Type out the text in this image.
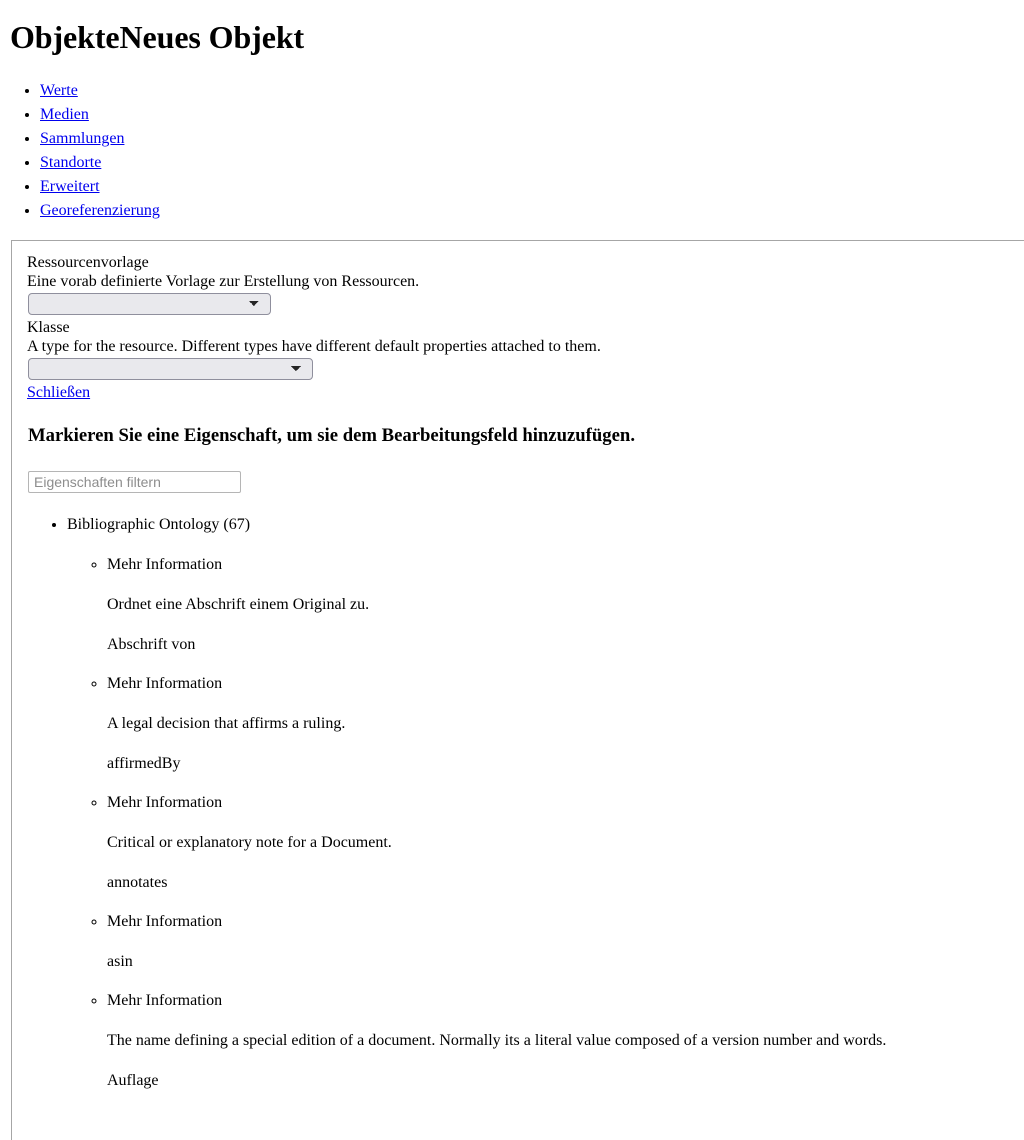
ObjekteNeues Objekt
• Werte
• Medien
• Sammlungen
• Standorte
• Erweitert
• Georeferenzierung
Ressourcenvorlage
Eine vorab definierte Vorlage zur Erstellung von Ressourcen.
Klasse
A type for the resource. Different types have different default properties attached to them.
Schließen
Markieren Sie eine Eigenschaft, um sie dem Bearbeitungsfeld hinzuzufügen.
Eigenschaften filtern
• Bibliographic Ontology (67)
◦ Mehr Information

Ordnet eine Abschrift einem Original zu.

Abschrift von

◦ Mehr Information

A legal decision that affirms a ruling.

affirmedBy

◦ Mehr Information

Critical or explanatory note for a Document.

annotates

◦ Mehr Information

asin

◦ Mehr Information

The name defining a special edition of a document. Normally its a literal value composed of a version number and words.

Auflage
